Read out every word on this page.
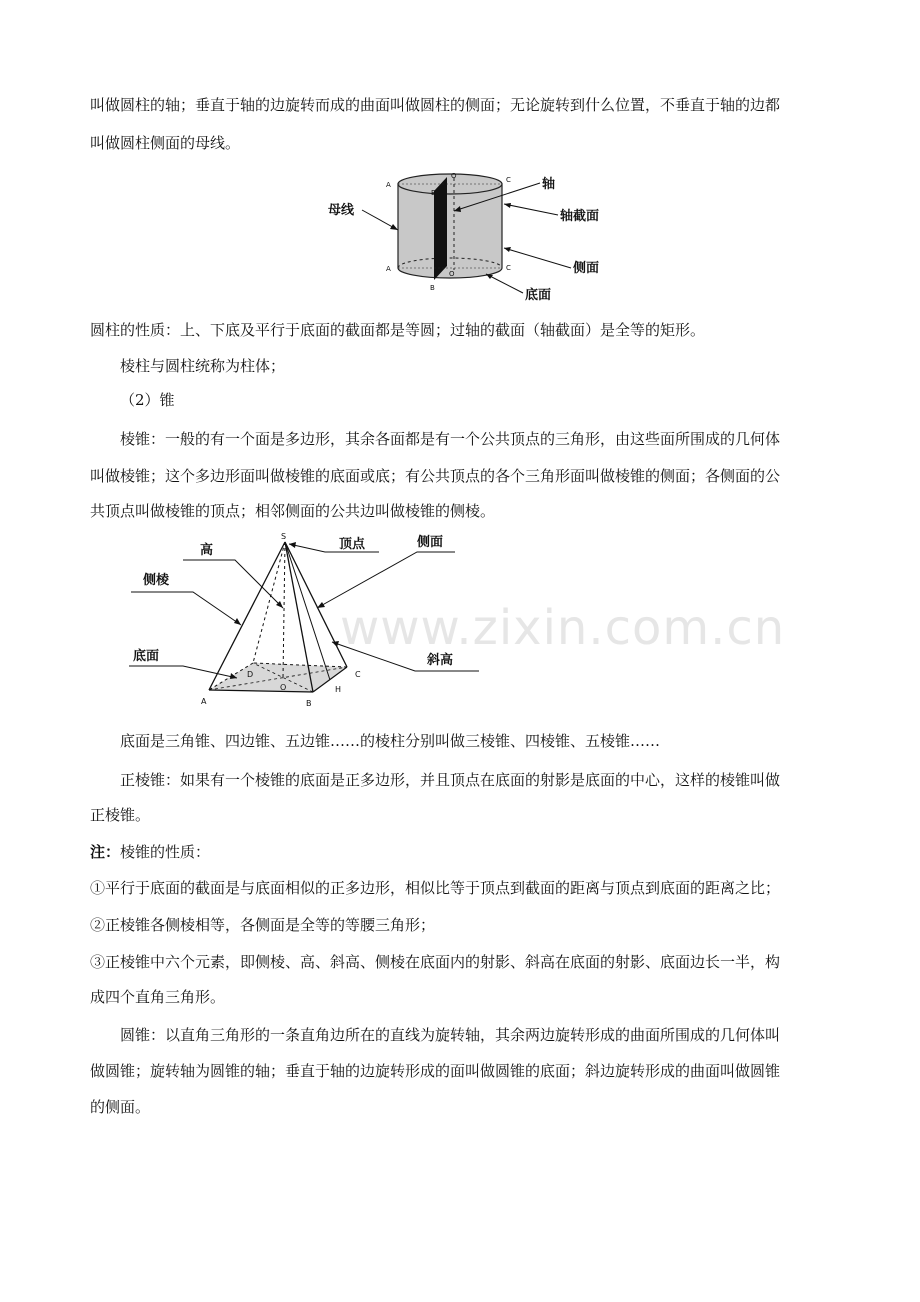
叫做圆柱的轴；垂直于轴的边旋转而成的曲面叫做圆柱的侧面；无论旋转到什么位置，不垂直于轴的边都
叫做圆柱侧面的母线。
A
B
O	C
A
B
O
C
母线
轴
轴截面
侧面
底面
圆柱的性质：上、下底及平行于底面的截面都是等圆；过轴的截面（轴截面）是全等的矩形。
棱柱与圆柱统称为柱体；
（2）锥
棱锥：一般的有一个面是多边形，其余各面都是有一个公共顶点的三角形，由这些面所围成的几何体
叫做棱锥；这个多边形面叫做棱锥的底面或底；有公共顶点的各个三角形面叫做棱锥的侧面；各侧面的公
共顶点叫做棱锥的顶点；相邻侧面的公共边叫做棱锥的侧棱。
S
A	B
C
D
O	H
高	顶点	侧面
侧棱
底面	斜高
www.zixin.com.cn
底面是三角锥、四边锥、五边锥……的棱柱分别叫做三棱锥、四棱锥、五棱锥……
正棱锥：如果有一个棱锥的底面是正多边形，并且顶点在底面的射影是底面的中心，这样的棱锥叫做
正棱锥。
注：棱锥的性质：
①平行于底面的截面是与底面相似的正多边形，相似比等于顶点到截面的距离与顶点到底面的距离之比；
②正棱锥各侧棱相等，各侧面是全等的等腰三角形；
③正棱锥中六个元素，即侧棱、高、斜高、侧棱在底面内的射影、斜高在底面的射影、底面边长一半，构
成四个直角三角形。
圆锥：以直角三角形的一条直角边所在的直线为旋转轴，其余两边旋转形成的曲面所围成的几何体叫
做圆锥；旋转轴为圆锥的轴；垂直于轴的边旋转形成的面叫做圆锥的底面；斜边旋转形成的曲面叫做圆锥
的侧面。
